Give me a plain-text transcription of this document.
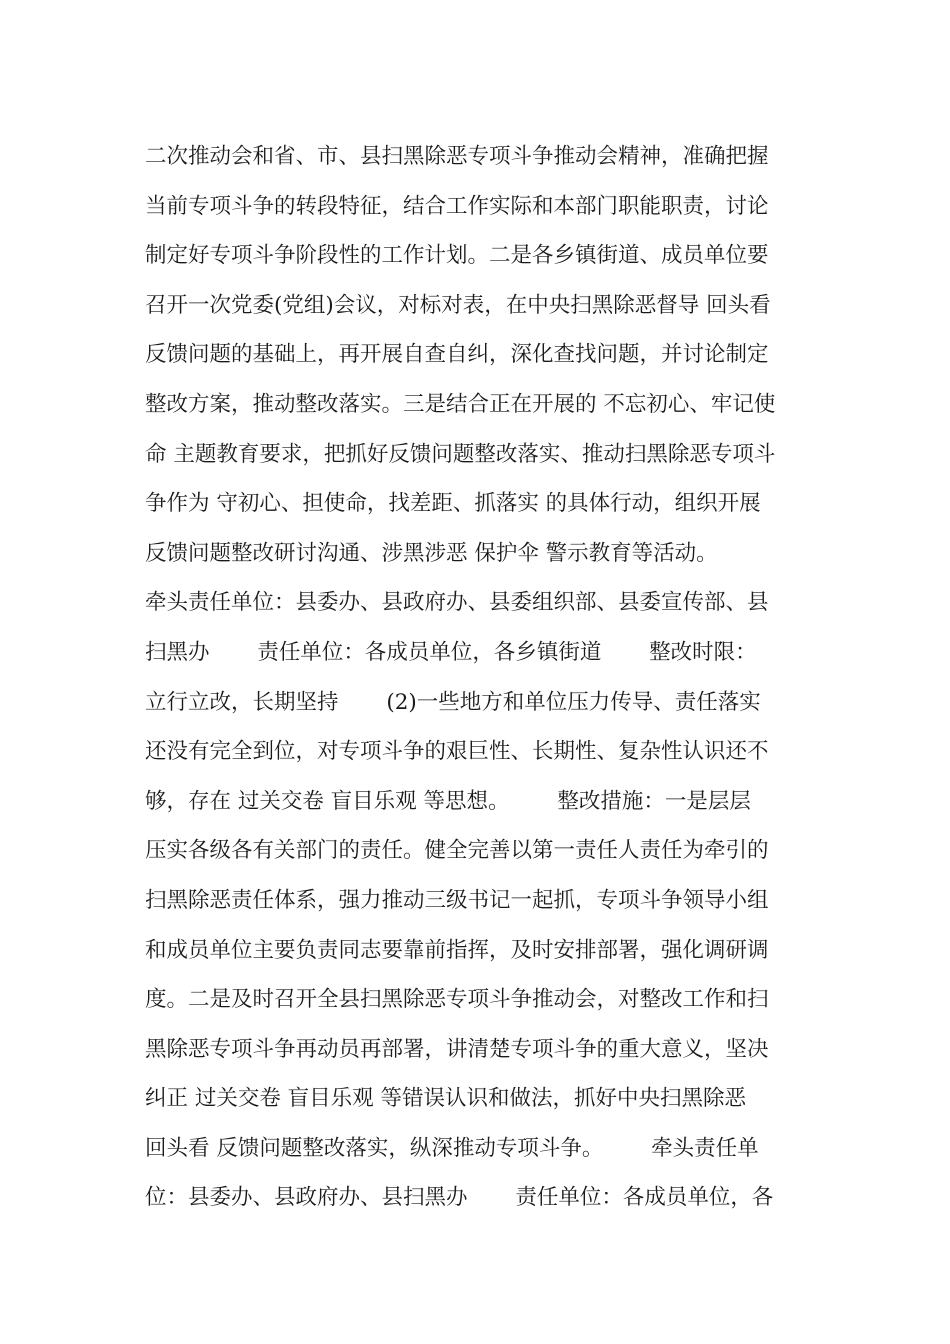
二次推动会和省、市、县扫黑除恶专项斗争推动会精神，准确把握
当前专项斗争的转段特征，结合工作实际和本部门职能职责，讨论
制定好专项斗争阶段性的工作计划。二是各乡镇街道、成员单位要
召开一次党委(党组)会议，对标对表，在中央扫黑除恶督导 回头看
反馈问题的基础上，再开展自查自纠，深化查找问题，并讨论制定
整改方案，推动整改落实。三是结合正在开展的 不忘初心、牢记使
命 主题教育要求，把抓好反馈问题整改落实、推动扫黑除恶专项斗
争作为 守初心、担使命，找差距、抓落实 的具体行动，组织开展
反馈问题整改研讨沟通、涉黑涉恶 保护伞 警示教育等活动。
牵头责任单位：县委办、县政府办、县委组织部、县委宣传部、县
扫黑办       责任单位：各成员单位，各乡镇街道       整改时限：
立行立改，长期坚持       (2)一些地方和单位压力传导、责任落实
还没有完全到位，对专项斗争的艰巨性、长期性、复杂性认识还不
够，存在 过关交卷 盲目乐观 等思想。       整改措施：一是层层
压实各级各有关部门的责任。健全完善以第一责任人责任为牵引的
扫黑除恶责任体系，强力推动三级书记一起抓，专项斗争领导小组
和成员单位主要负责同志要靠前指挥，及时安排部署，强化调研调
度。二是及时召开全县扫黑除恶专项斗争推动会，对整改工作和扫
黑除恶专项斗争再动员再部署，讲清楚专项斗争的重大意义，坚决
纠正 过关交卷 盲目乐观 等错误认识和做法，抓好中央扫黑除恶
回头看 反馈问题整改落实，纵深推动专项斗争。       牵头责任单
位：县委办、县政府办、县扫黑办       责任单位：各成员单位，各
